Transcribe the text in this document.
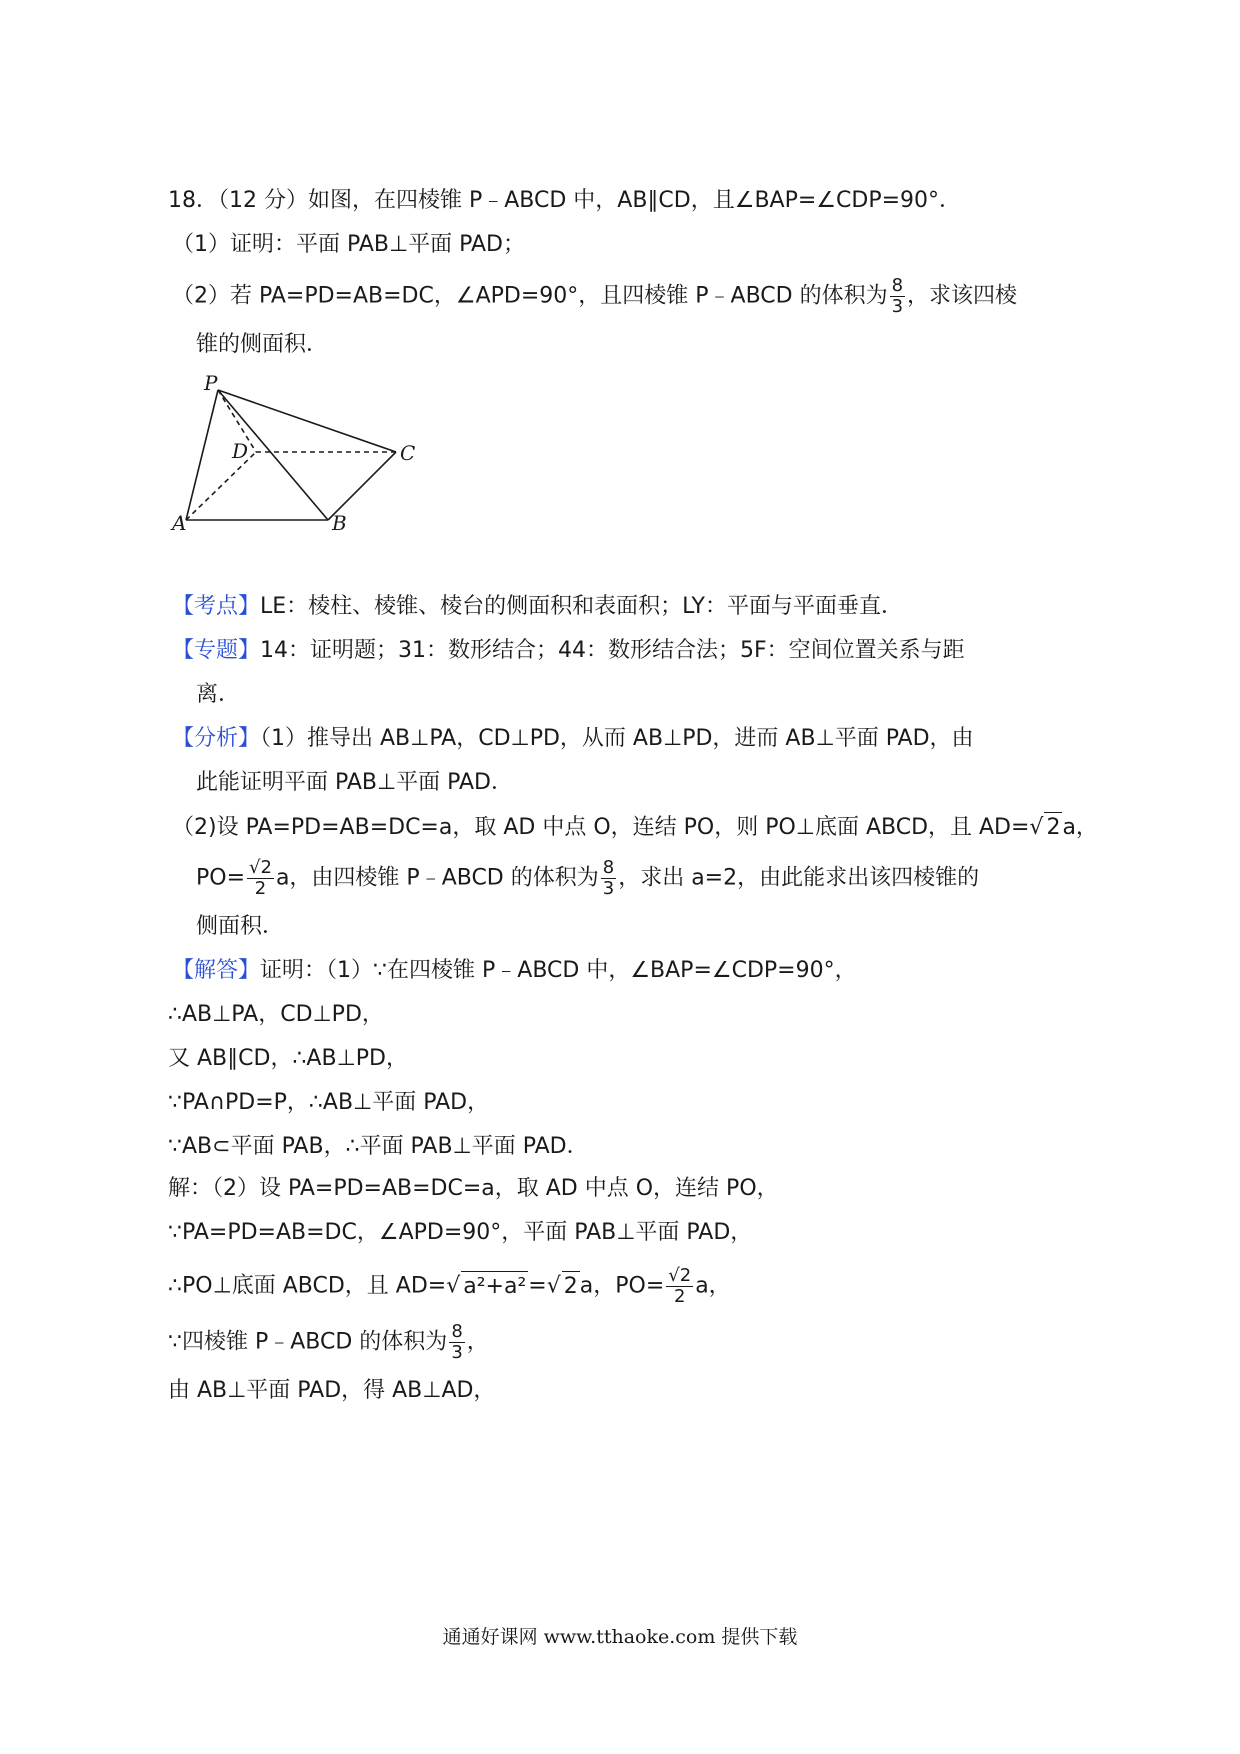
18．（12 分）如图，在四棱锥 P﹣ABCD 中，AB∥CD，且∠BAP=∠CDP=90°．
（1）证明：平面 PAB⊥平面 PAD；
（2）若 PA=PD=AB=DC，∠APD=90°，且四棱锥 P﹣ABCD 的体积为 $\frac{8}{3}$ ，求该四棱
锥的侧面积．
P
D	C
A	B
【考点】LE：棱柱、棱锥、棱台的侧面积和表面积；LY：平面与平面垂直．
【专题】14：证明题；31：数形结合；44：数形结合法；5F：空间位置关系与距
离．
【分析】（1）推导出 AB⊥PA，CD⊥PD，从而 AB⊥PD，进而 AB⊥平面 PAD，由
此能证明平面 PAB⊥平面 PAD．
（2)设 PA=PD=AB=DC=a，取 AD 中点 O，连结 PO，则 PO⊥底面 ABCD，且 AD=√ 2a，
$PO= \frac{√2}{2}$ a，由四棱锥 P﹣ABCD 的体积为 $\frac{8}{3}$ ，求出 a=2，由此能求出该四棱锥的
侧面积．
【解答】证明：（1）∵在四棱锥 P﹣ABCD 中，∠BAP=∠CDP=90°，
∴AB⊥PA，CD⊥PD，
又 AB∥CD，∴AB⊥PD，
∵PA∩PD=P，∴AB⊥平面 PAD，
∵AB⊂平面 PAB，∴平面 PAB⊥平面 PAD．
解：（2）设 PA=PD=AB=DC=a，取 AD 中点 O，连结 PO，
∵PA=PD=AB=DC，∠APD=90°，平面 PAB⊥平面 PAD，
∴PO⊥底面 ABCD，且 AD=√ a²+a²=√ 2a，$PO= \frac{√2}{2}$ a，
∵四棱锥 P﹣ABCD 的体积为 $\frac{8}{3}$ ，
由 AB⊥平面 PAD，得 AB⊥AD，
通通好课网 www.tthaoke.com 提供下载
